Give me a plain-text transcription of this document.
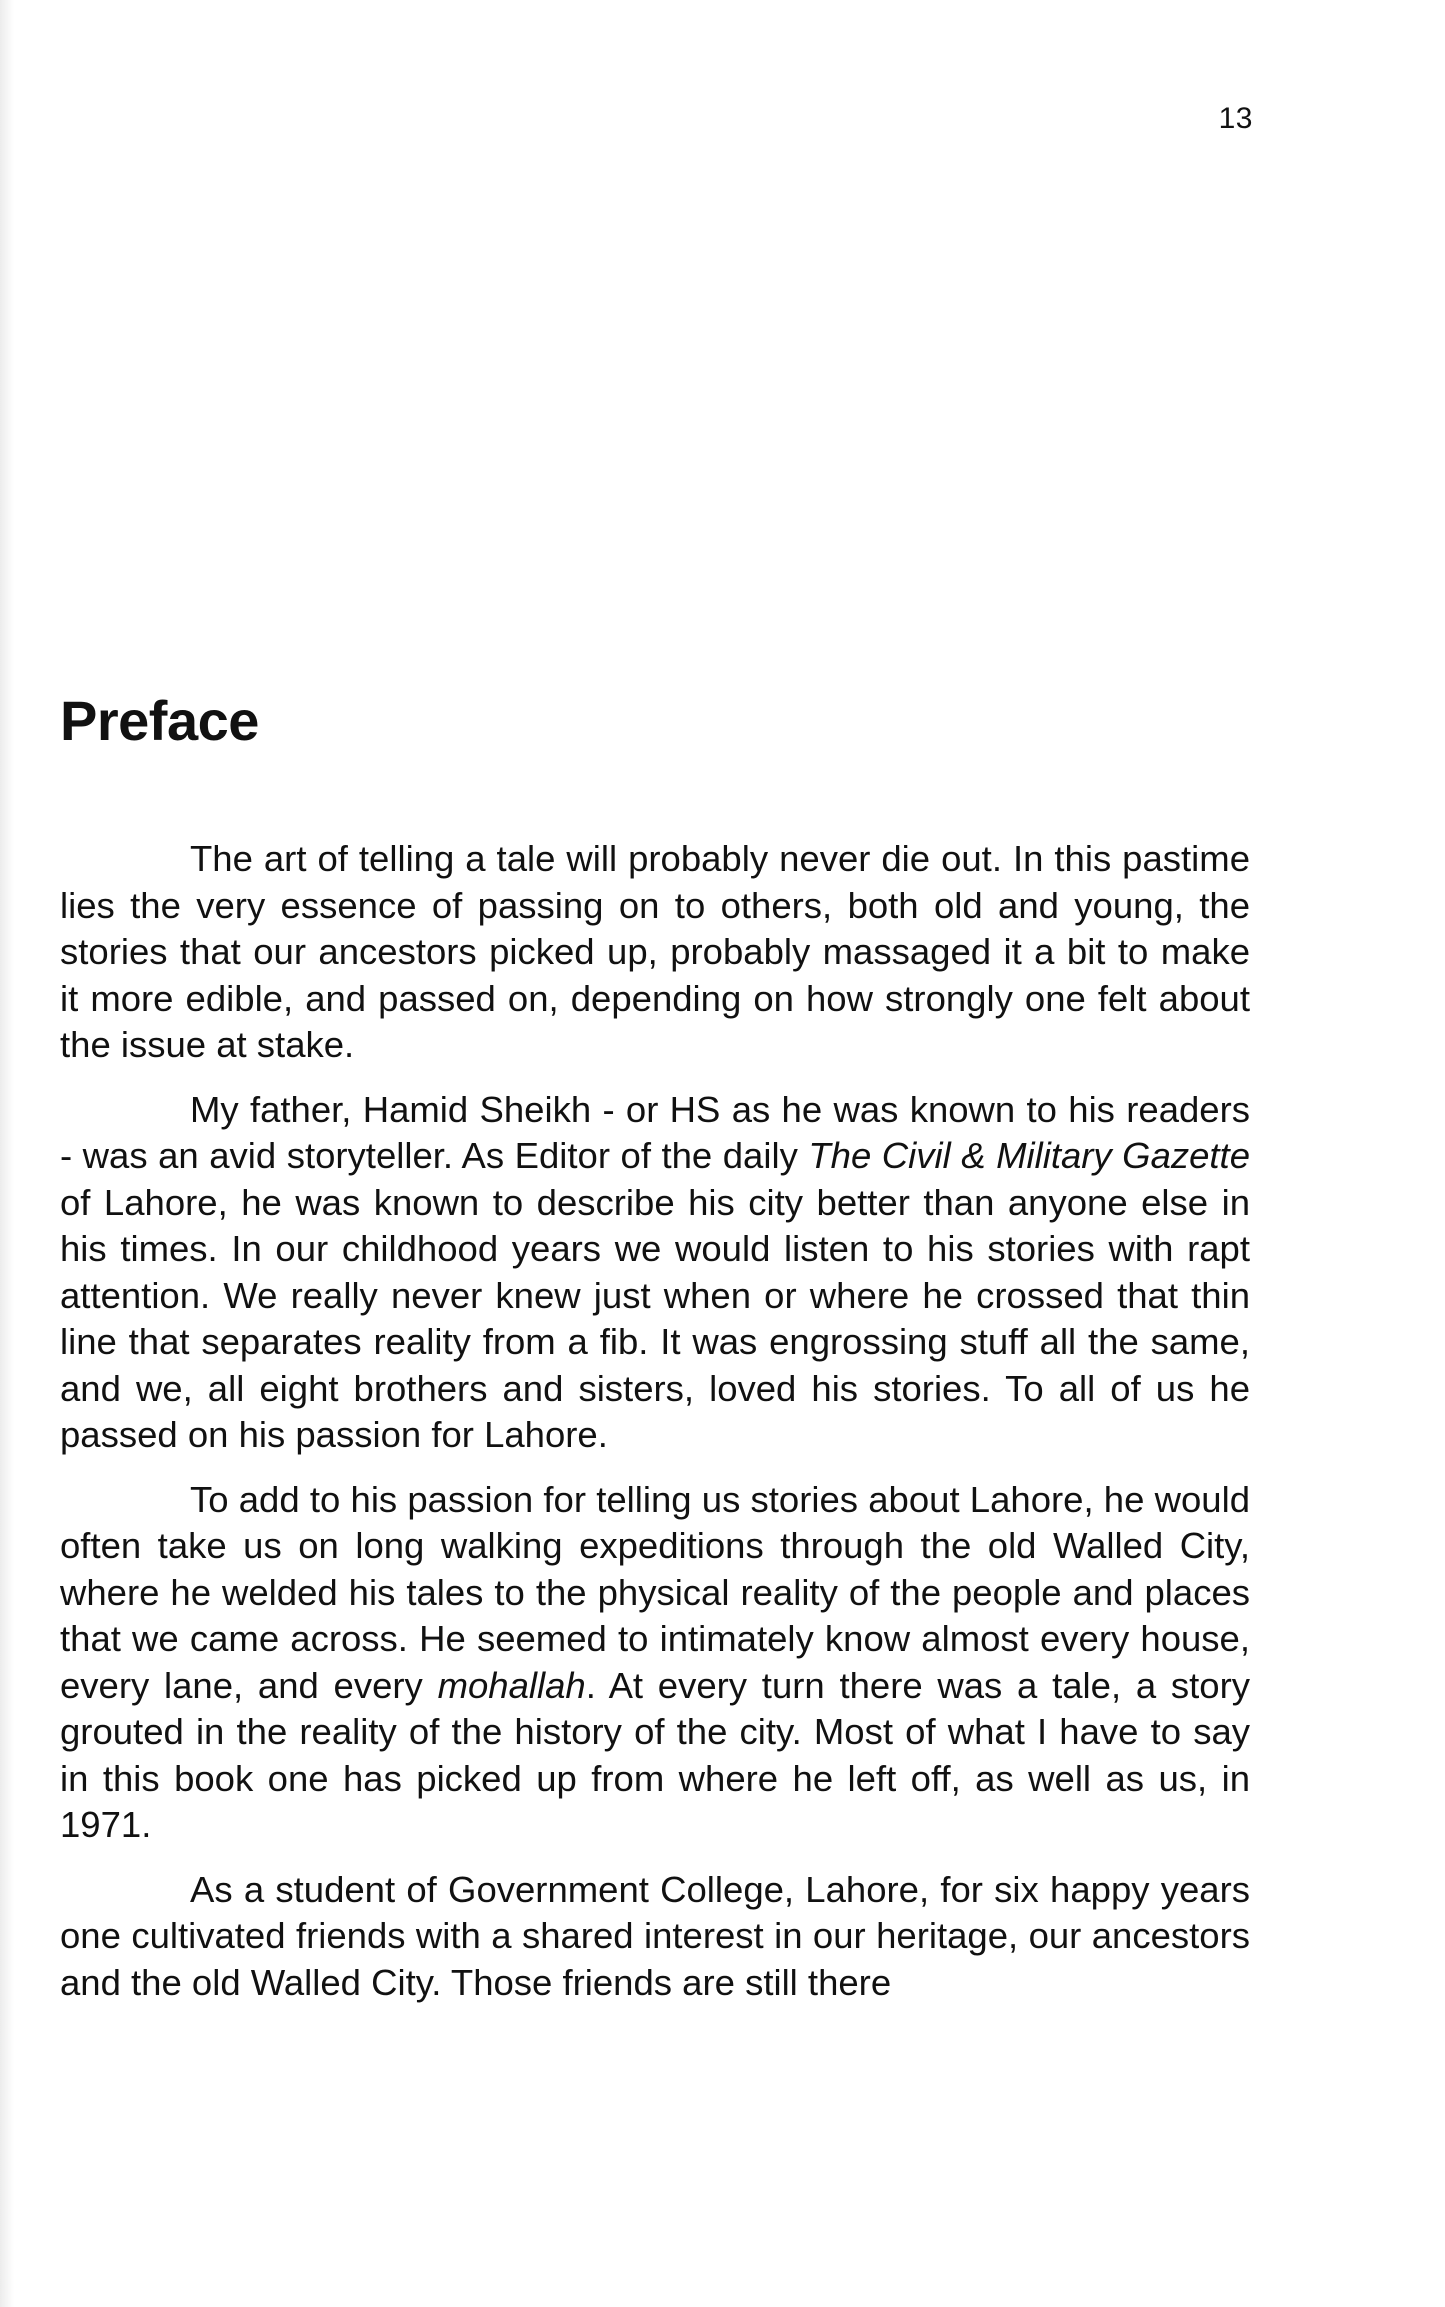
13
Preface

The art of telling a tale will probably never die out. In this pastime lies the very essence of passing on to others, both old and young, the stories that our ancestors picked up, probably massaged it a bit to make it more edible, and passed on, depending on how strongly one felt about the issue at stake.

My father, Hamid Sheikh - or HS as he was known to his readers - was an avid storyteller. As Editor of the daily The Civil & Military Gazette of Lahore, he was known to describe his city better than anyone else in his times. In our childhood years we would listen to his stories with rapt attention. We really never knew just when or where he crossed that thin line that separates reality from a fib. It was engrossing stuff all the same, and we, all eight brothers and sisters, loved his stories. To all of us he passed on his passion for Lahore.

To add to his passion for telling us stories about Lahore, he would often take us on long walking expeditions through the old Walled City, where he welded his tales to the physical reality of the people and places that we came across. He seemed to intimately know almost every house, every lane, and every mohallah. At every turn there was a tale, a story grouted in the reality of the history of the city. Most of what I have to say in this book one has picked up from where he left off, as well as us, in 1971.

As a student of Government College, Lahore, for six happy years one cultivated friends with a shared interest in our heritage, our ancestors and the old Walled City. Those friends are still there
